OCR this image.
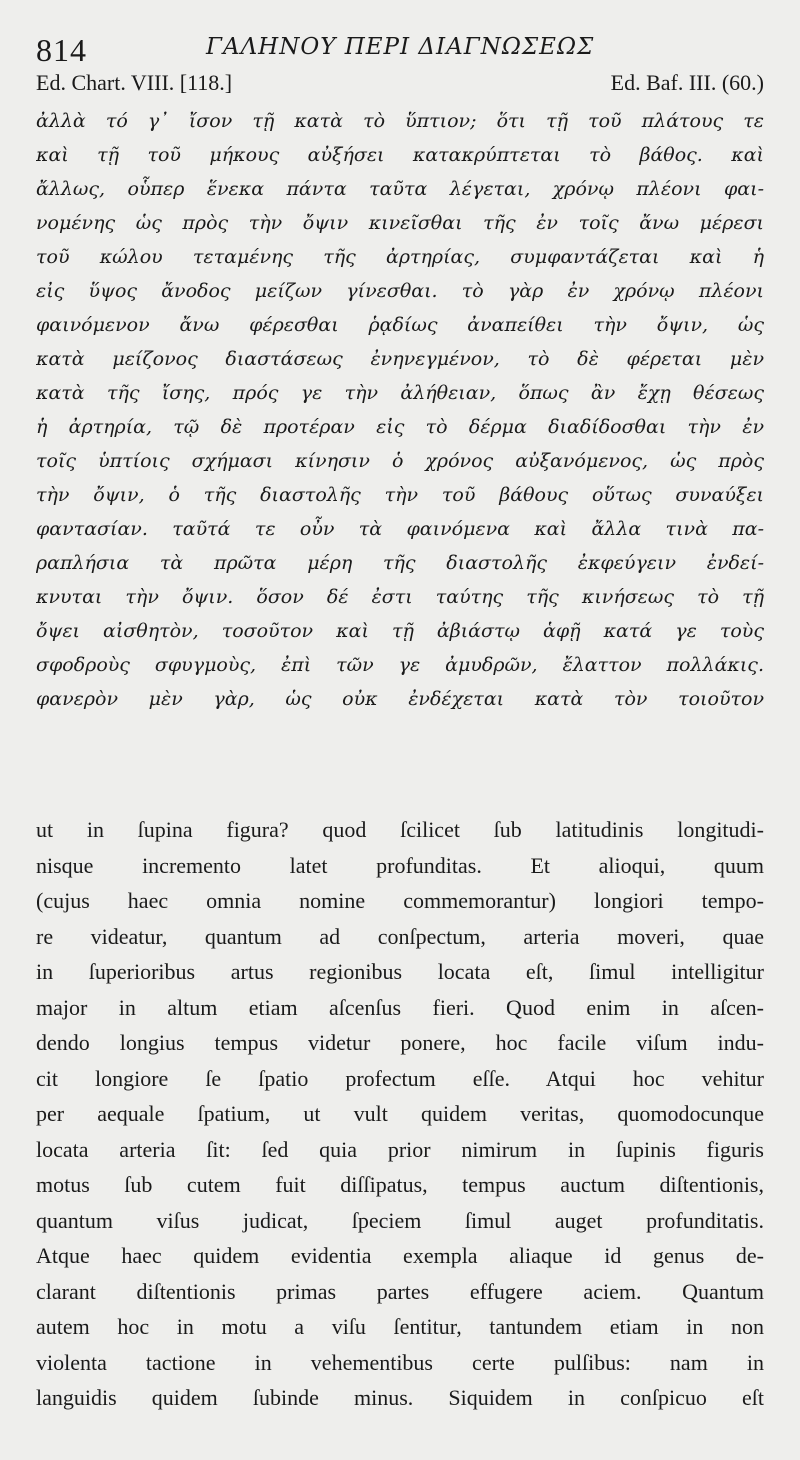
814	ΓΑΛΗΝΟΥ ΠΕΡΙ ΔΙΑΓΝΩΣΕΩΣ
Ed. Chart. VIII. [118.]	Ed. Baf. III. (60.)
ἀλλὰ τό γ᾽ ἴσον τῇ κατὰ τὸ ὕπτιον; ὅτι τῇ τοῦ πλάτους τε
καὶ τῇ τοῦ μήκους αὐξήσει κατακρύπτεται τὸ βάθος. καὶ
ἄλλως, οὗπερ ἕνεκα πάντα ταῦτα λέγεται, χρόνῳ πλέονι φαι-
νομένης ὡς πρὸς τὴν ὄψιν κινεῖσθαι τῆς ἐν τοῖς ἄνω μέρεσι
τοῦ κώλου τεταμένης τῆς ἀρτηρίας, συμφαντάζεται καὶ ἡ
εἰς ὕψος ἄνοδος μείζων γίνεσθαι. τὸ γὰρ ἐν χρόνῳ πλέονι
φαινόμενον ἄνω φέρεσθαι ῥᾳδίως ἀναπείθει τὴν ὄψιν, ὡς
κατὰ μείζονος διαστάσεως ἐνηνεγμένον, τὸ δὲ φέρεται μὲν
κατὰ τῆς ἴσης, πρός γε τὴν ἀλήθειαν, ὅπως ἂν ἔχῃ θέσεως
ἡ ἀρτηρία, τῷ δὲ προτέραν εἰς τὸ δέρμα διαδίδοσθαι τὴν ἐν
τοῖς ὑπτίοις σχήμασι κίνησιν ὁ χρόνος αὐξανόμενος, ὡς πρὸς
τὴν ὄψιν, ὁ τῆς διαστολῆς τὴν τοῦ βάθους οὕτως συναύξει
φαντασίαν. ταῦτά τε οὖν τὰ φαινόμενα καὶ ἄλλα τινὰ πα-
ραπλήσια τὰ πρῶτα μέρη τῆς διαστολῆς ἐκφεύγειν ἐνδεί-
κνυται τὴν ὄψιν. ὅσον δέ ἐστι ταύτης τῆς κινήσεως τὸ τῇ
ὄψει αἰσθητὸν, τοσοῦτον καὶ τῇ ἀβιάστῳ ἁφῇ κατά γε τοὺς
σφοδροὺς σφυγμοὺς, ἐπὶ τῶν γε ἀμυδρῶν, ἔλαττον πολλάκις.
φανερὸν μὲν γὰρ, ὡς οὐκ ἐνδέχεται κατὰ τὸν τοιοῦτον
ut in ſupina figura? quod ſcilicet ſub latitudinis longitudi-
nisque incremento latet profunditas. Et alioqui, quum
(cujus haec omnia nomine commemorantur) longiori tempo-
re videatur, quantum ad conſpectum, arteria moveri, quae
in ſuperioribus artus regionibus locata eſt, ſimul intelligitur
major in altum etiam aſcenſus fieri. Quod enim in aſcen-
dendo longius tempus videtur ponere, hoc facile viſum indu-
cit longiore ſe ſpatio profectum eſſe. Atqui hoc vehitur
per aequale ſpatium, ut vult quidem veritas, quomodocunque
locata arteria ſit: ſed quia prior nimirum in ſupinis figuris
motus ſub cutem fuit diſſipatus, tempus auctum diſtentionis,
quantum viſus judicat, ſpeciem ſimul auget profunditatis.
Atque haec quidem evidentia exempla aliaque id genus de-
clarant diſtentionis primas partes effugere aciem. Quantum
autem hoc in motu a viſu ſentitur, tantundem etiam in non
violenta tactione in vehementibus certe pulſibus: nam in
languidis quidem ſubinde minus. Siquidem in conſpicuo eſt
